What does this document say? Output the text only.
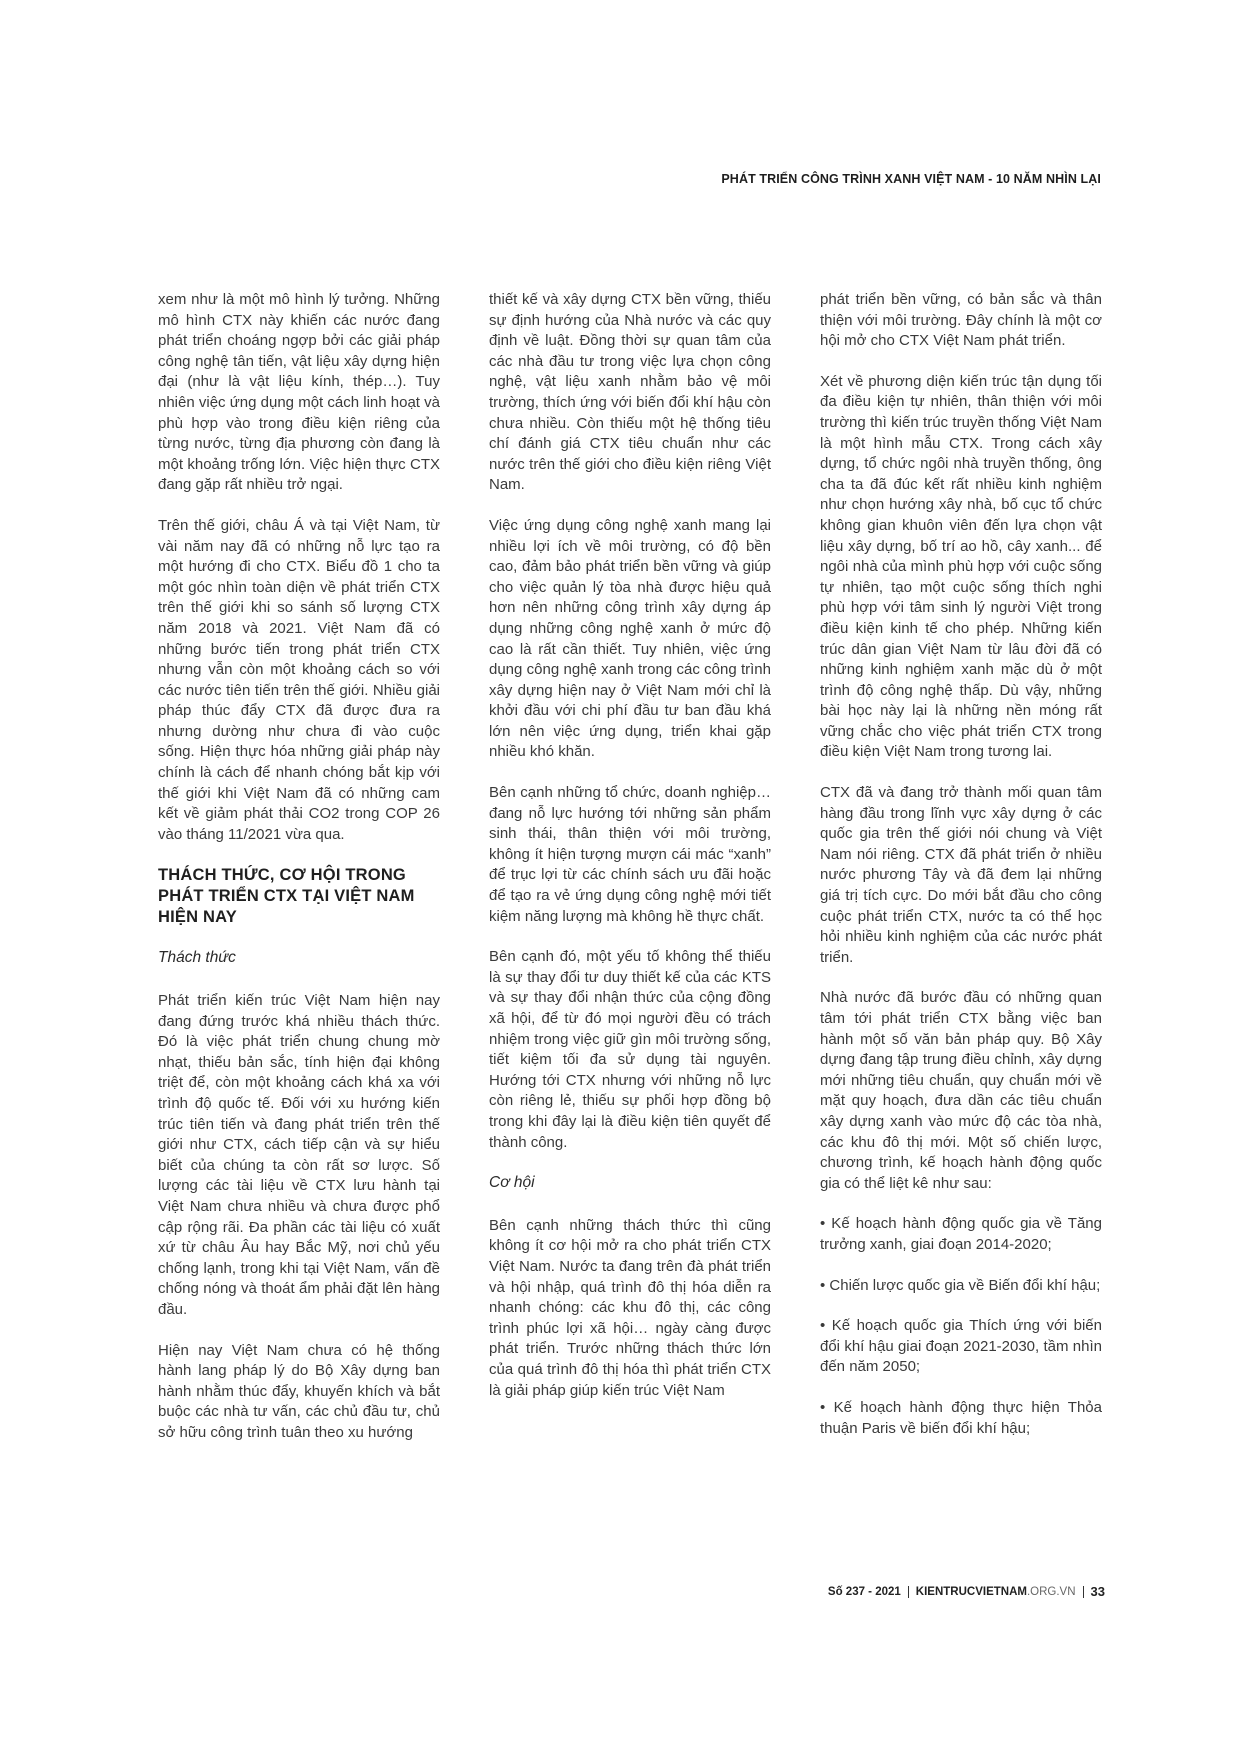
PHÁT TRIỂN CÔNG TRÌNH XANH VIỆT NAM - 10 NĂM NHÌN LẠI

xem như là một mô hình lý tưởng. Những mô hình CTX này khiến các nước đang phát triển choáng ngợp bởi các giải pháp công nghệ tân tiến, vật liệu xây dựng hiện đại (như là vật liệu kính, thép…). Tuy nhiên việc ứng dụng một cách linh hoạt và phù hợp vào trong điều kiện riêng của từng nước, từng địa phương còn đang là một khoảng trống lớn. Việc hiện thực CTX đang gặp rất nhiều trở ngại.

Trên thế giới, châu Á và tại Việt Nam, từ vài năm nay đã có những nỗ lực tạo ra một hướng đi cho CTX. Biểu đồ 1 cho ta một góc nhìn toàn diện về phát triển CTX trên thế giới khi so sánh số lượng CTX năm 2018 và 2021. Việt Nam đã có những bước tiến trong phát triển CTX nhưng vẫn còn một khoảng cách so với các nước tiên tiến trên thế giới. Nhiều giải pháp thúc đẩy CTX đã được đưa ra nhưng dường như chưa đi vào cuộc sống. Hiện thực hóa những giải pháp này chính là cách để nhanh chóng bắt kịp với thế giới khi Việt Nam đã có những cam kết về giảm phát thải CO2 trong COP 26 vào tháng 11/2021 vừa qua.

THÁCH THỨC, CƠ HỘI TRONG PHÁT TRIỂN CTX TẠI VIỆT NAM HIỆN NAY
Thách thức

Phát triển kiến trúc Việt Nam hiện nay đang đứng trước khá nhiều thách thức. Đó là việc phát triển chung chung mờ nhạt, thiếu bản sắc, tính hiện đại không triệt để, còn một khoảng cách khá xa với trình độ quốc tế. Đối với xu hướng kiến trúc tiên tiến và đang phát triển trên thế giới như CTX, cách tiếp cận và sự hiểu biết của chúng ta còn rất sơ lược. Số lượng các tài liệu về CTX lưu hành tại Việt Nam chưa nhiều và chưa được phổ cập rộng rãi. Đa phần các tài liệu có xuất xứ từ châu Âu hay Bắc Mỹ, nơi chủ yếu chống lạnh, trong khi tại Việt Nam, vấn đề chống nóng và thoát ẩm phải đặt lên hàng đầu.

Hiện nay Việt Nam chưa có hệ thống hành lang pháp lý do Bộ Xây dựng ban hành nhằm thúc đẩy, khuyến khích và bắt buộc các nhà tư vấn, các chủ đầu tư, chủ sở hữu công trình tuân theo xu hướng

thiết kế và xây dựng CTX bền vững, thiếu sự định hướng của Nhà nước và các quy định về luật. Đồng thời sự quan tâm của các nhà đầu tư trong việc lựa chọn công nghệ, vật liệu xanh nhằm bảo vệ môi trường, thích ứng với biến đổi khí hậu còn chưa nhiều. Còn thiếu một hệ thống tiêu chí đánh giá CTX tiêu chuẩn như các nước trên thế giới cho điều kiện riêng Việt Nam.

Việc ứng dụng công nghệ xanh mang lại nhiều lợi ích về môi trường, có độ bền cao, đảm bảo phát triển bền vững và giúp cho việc quản lý tòa nhà được hiệu quả hơn nên những công trình xây dựng áp dụng những công nghệ xanh ở mức độ cao là rất cần thiết. Tuy nhiên, việc ứng dụng công nghệ xanh trong các công trình xây dựng hiện nay ở Việt Nam mới chỉ là khởi đầu với chi phí đầu tư ban đầu khá lớn nên việc ứng dụng, triển khai gặp nhiều khó khăn.

Bên cạnh những tổ chức, doanh nghiệp… đang nỗ lực hướng tới những sản phẩm sinh thái, thân thiện với môi trường, không ít hiện tượng mượn cái mác “xanh” để trục lợi từ các chính sách ưu đãi hoặc để tạo ra vẻ ứng dụng công nghệ mới tiết kiệm năng lượng mà không hề thực chất.

Bên cạnh đó, một yếu tố không thể thiếu là sự thay đổi tư duy thiết kế của các KTS và sự thay đổi nhận thức của cộng đồng xã hội, để từ đó mọi người đều có trách nhiệm trong việc giữ gìn môi trường sống, tiết kiệm tối đa sử dụng tài nguyên. Hướng tới CTX nhưng với những nỗ lực còn riêng lẻ, thiếu sự phối hợp đồng bộ trong khi đây lại là điều kiện tiên quyết để thành công.

Cơ hội

Bên cạnh những thách thức thì cũng không ít cơ hội mở ra cho phát triển CTX Việt Nam. Nước ta đang trên đà phát triển và hội nhập, quá trình đô thị hóa diễn ra nhanh chóng: các khu đô thị, các công trình phúc lợi xã hội… ngày càng được phát triển. Trước những thách thức lớn của quá trình đô thị hóa thì phát triển CTX là giải pháp giúp kiến trúc Việt Nam

phát triển bền vững, có bản sắc và thân thiện với môi trường. Đây chính là một cơ hội mở cho CTX Việt Nam phát triển.

Xét về phương diện kiến trúc tận dụng tối đa điều kiện tự nhiên, thân thiện với môi trường thì kiến trúc truyền thống Việt Nam là một hình mẫu CTX. Trong cách xây dựng, tổ chức ngôi nhà truyền thống, ông cha ta đã đúc kết rất nhiều kinh nghiệm như chọn hướng xây nhà, bố cục tổ chức không gian khuôn viên đến lựa chọn vật liệu xây dựng, bố trí ao hồ, cây xanh... để ngôi nhà của mình phù hợp với cuộc sống tự nhiên, tạo một cuộc sống thích nghi phù hợp với tâm sinh lý người Việt trong điều kiện kinh tế cho phép. Những kiến trúc dân gian Việt Nam từ lâu đời đã có những kinh nghiệm xanh mặc dù ở một trình độ công nghệ thấp. Dù vậy, những bài học này lại là những nền móng rất vững chắc cho việc phát triển CTX trong điều kiện Việt Nam trong tương lai.

CTX đã và đang trở thành mối quan tâm hàng đầu trong lĩnh vực xây dựng ở các quốc gia trên thế giới nói chung và Việt Nam nói riêng. CTX đã phát triển ở nhiều nước phương Tây và đã đem lại những giá trị tích cực. Do mới bắt đầu cho công cuộc phát triển CTX, nước ta có thể học hỏi nhiều kinh nghiệm của các nước phát triển.

Nhà nước đã bước đầu có những quan tâm tới phát triển CTX bằng việc ban hành một số văn bản pháp quy. Bộ Xây dựng đang tập trung điều chỉnh, xây dựng mới những tiêu chuẩn, quy chuẩn mới về mặt quy hoạch, đưa dần các tiêu chuẩn xây dựng xanh vào mức độ các tòa nhà, các khu đô thị mới. Một số chiến lược, chương trình, kế hoạch hành động quốc gia có thể liệt kê như sau:

• Kế hoạch hành động quốc gia về Tăng trưởng xanh, giai đoạn 2014-2020;

• Chiến lược quốc gia về Biến đổi khí hậu;

• Kế hoạch quốc gia Thích ứng với biến đổi khí hậu giai đoạn 2021-2030, tầm nhìn đến năm 2050;

• Kế hoạch hành động thực hiện Thỏa thuận Paris về biến đổi khí hậu;

Số 237 - 2021	KIENTRUCVIETNAM.ORG.VN	33
